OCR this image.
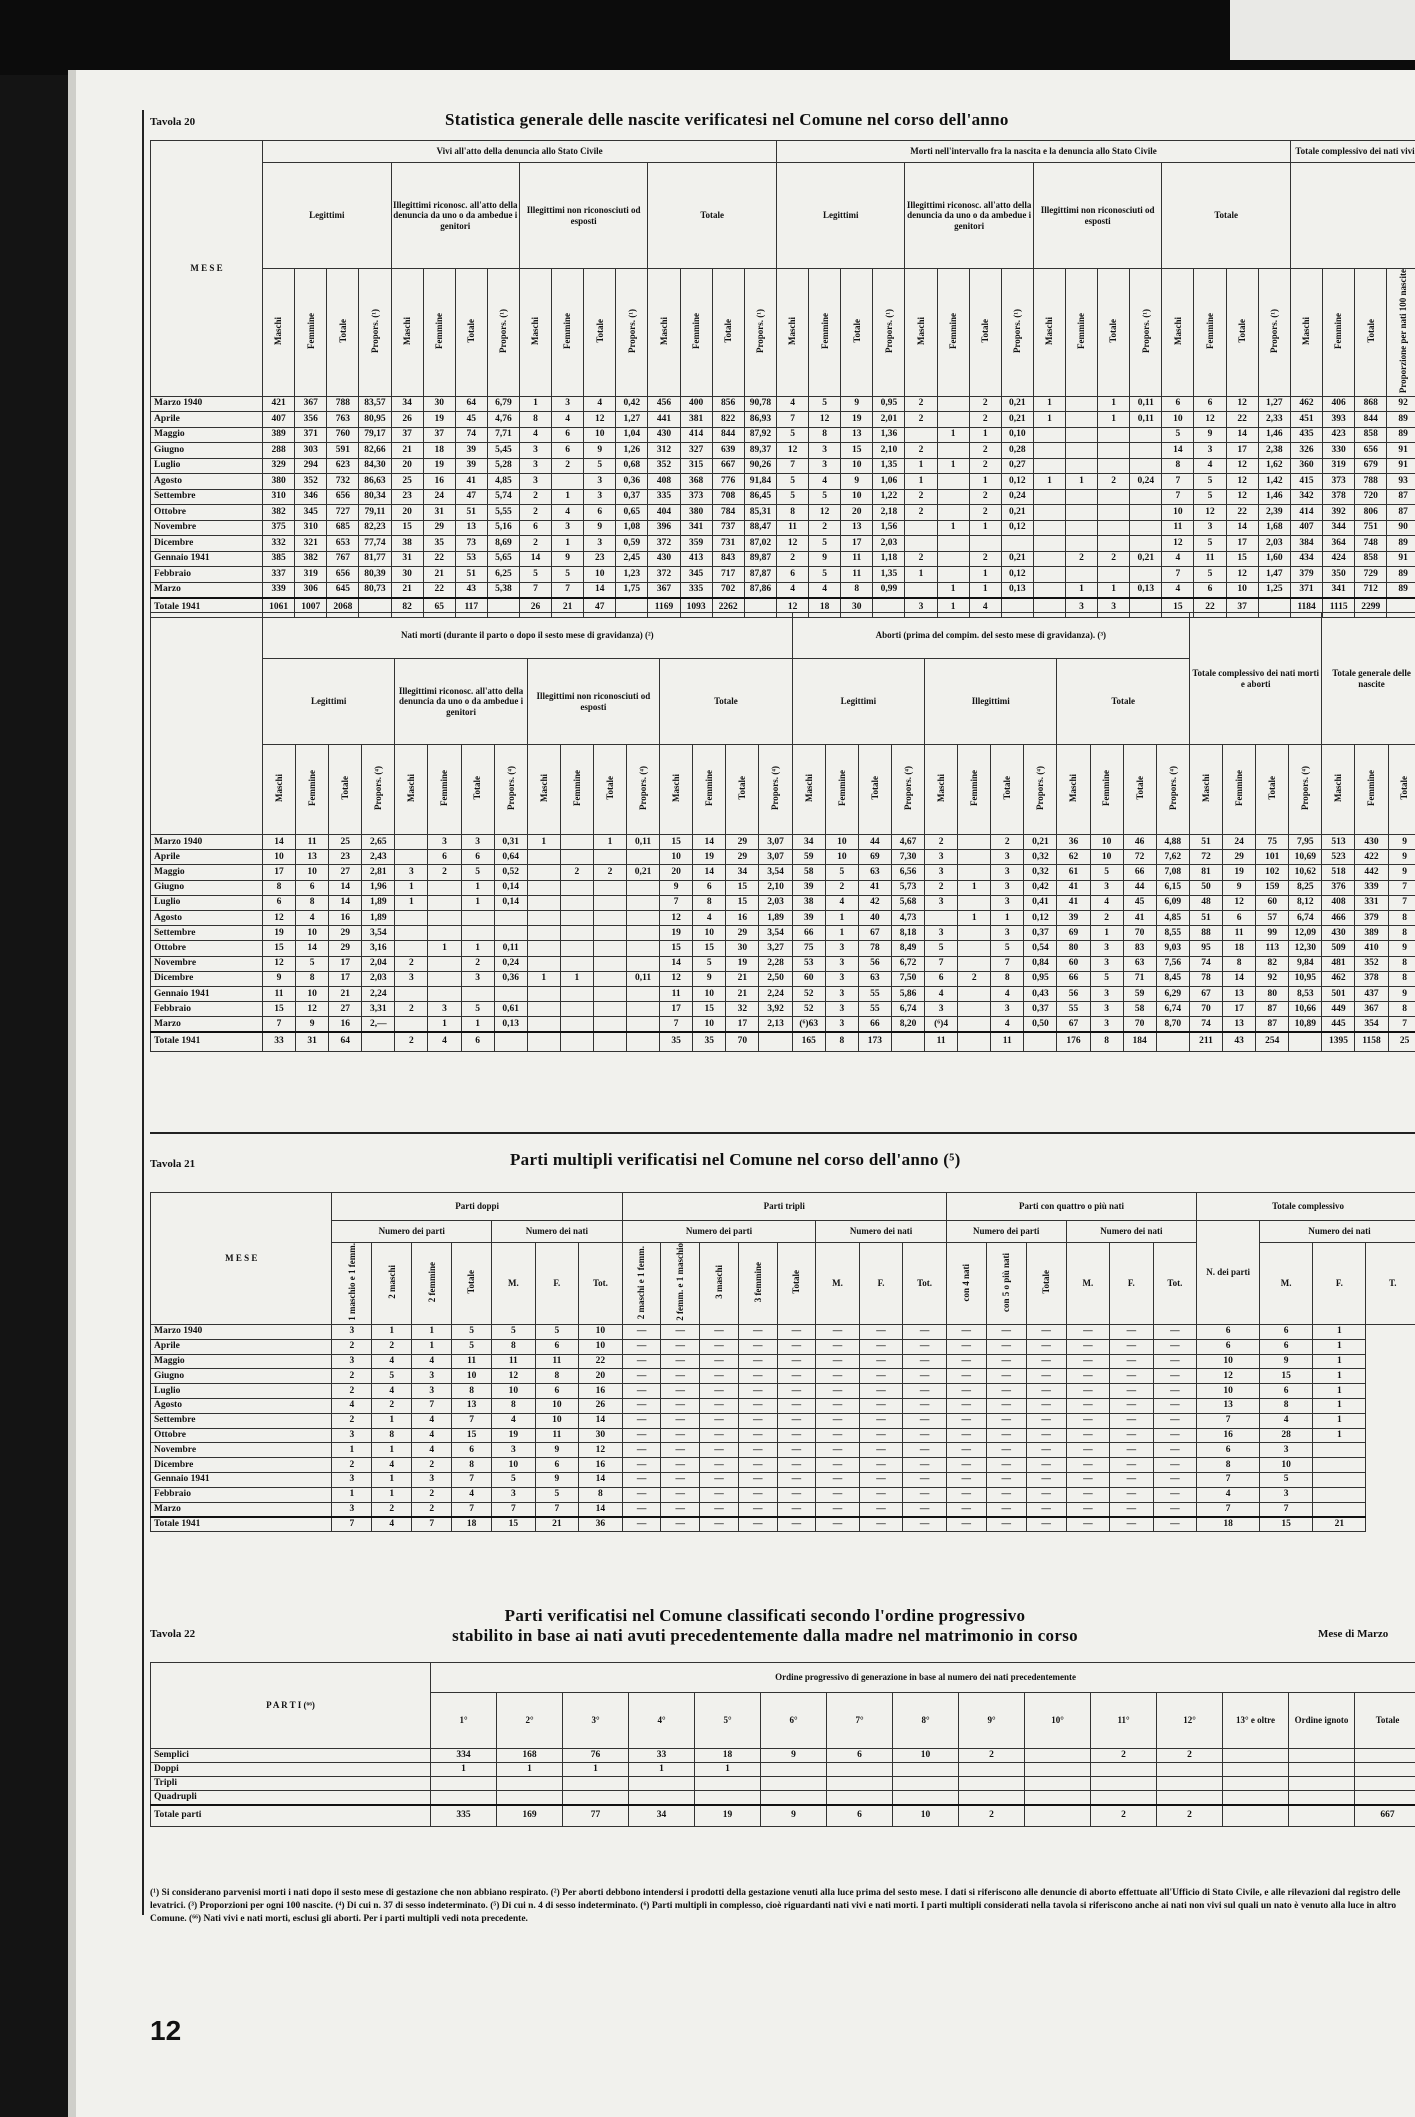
Tavola 20	Statistica generale delle nascite verificatesi nel Comune nel corso dell'anno
M E S E	Vivi all'atto della denuncia allo Stato Civile																Morti nell'intervallo fra la nascita e la denuncia allo Stato Civile																Totale complessivo dei nati vivi			
	Legittimi				Illegittimi riconosc. all'atto della denuncia da uno o da ambedue i genitori				Illegittimi non riconosciuti od esposti				Totale				Legittimi				Illegittimi riconosc. all'atto della denuncia da uno o da ambedue i genitori				Illegittimi non riconosciuti od esposti				Totale							
	Maschi	Femmine	Totale	Propors. (¹)	Maschi	Femmine	Totale	Propors. (¹)	Maschi	Femmine	Totale	Propors. (¹)	Maschi	Femmine	Totale	Propors. (¹)	Maschi	Femmine	Totale	Propors. (¹)	Maschi	Femmine	Totale	Propors. (¹)	Maschi	Femmine	Totale	Propors. (¹)	Maschi	Femmine	Totale	Propors. (¹)	Maschi	Femmine	Totale	Proporzione per nati 100 nascite
Marzo 1940	421	367	788	83,57	34	30	64	6,79	1	3	4	0,42	456	400	856	90,78	4	5	9	0,95	2		2	0,21	1		1	0,11	6	6	12	1,27	462	406	868	92
Aprile	407	356	763	80,95	26	19	45	4,76	8	4	12	1,27	441	381	822	86,93	7	12	19	2,01	2		2	0,21	1		1	0,11	10	12	22	2,33	451	393	844	89
Maggio	389	371	760	79,17	37	37	74	7,71	4	6	10	1,04	430	414	844	87,92	5	8	13	1,36		1	1	0,10					5	9	14	1,46	435	423	858	89
Giugno	288	303	591	82,66	21	18	39	5,45	3	6	9	1,26	312	327	639	89,37	12	3	15	2,10	2		2	0,28					14	3	17	2,38	326	330	656	91
Luglio	329	294	623	84,30	20	19	39	5,28	3	2	5	0,68	352	315	667	90,26	7	3	10	1,35	1	1	2	0,27					8	4	12	1,62	360	319	679	91
Agosto	380	352	732	86,63	25	16	41	4,85	3		3	0,36	408	368	776	91,84	5	4	9	1,06	1		1	0,12	1	1	2	0,24	7	5	12	1,42	415	373	788	93
Settembre	310	346	656	80,34	23	24	47	5,74	2	1	3	0,37	335	373	708	86,45	5	5	10	1,22	2		2	0,24					7	5	12	1,46	342	378	720	87
Ottobre	382	345	727	79,11	20	31	51	5,55	2	4	6	0,65	404	380	784	85,31	8	12	20	2,18	2		2	0,21					10	12	22	2,39	414	392	806	87
Novembre	375	310	685	82,23	15	29	13	5,16	6	3	9	1,08	396	341	737	88,47	11	2	13	1,56		1	1	0,12					11	3	14	1,68	407	344	751	90
Dicembre	332	321	653	77,74	38	35	73	8,69	2	1	3	0,59	372	359	731	87,02	12	5	17	2,03									12	5	17	2,03	384	364	748	89
Gennaio 1941	385	382	767	81,77	31	22	53	5,65	14	9	23	2,45	430	413	843	89,87	2	9	11	1,18	2		2	0,21		2	2	0,21	4	11	15	1,60	434	424	858	91
Febbraio	337	319	656	80,39	30	21	51	6,25	5	5	10	1,23	372	345	717	87,87	6	5	11	1,35	1		1	0,12					7	5	12	1,47	379	350	729	89
Marzo	339	306	645	80,73	21	22	43	5,38	7	7	14	1,75	367	335	702	87,86	4	4	8	0,99		1	1	0,13		1	1	0,13	4	6	10	1,25	371	341	712	89
Totale 1941	1061	1007	2068		82	65	117		26	21	47		1169	1093	2262		12	18	30		3	1	4			3	3		15	22	37		1184	1115	2299	
	Nati morti (durante il parto o dopo il sesto mese di gravidanza) (²)																Aborti (prima del compim. del sesto mese di gravidanza). (³)												Totale complessivo dei nati morti e aborti				Totale generale delle nascite		
	Legittimi				Illegittimi riconosc. all'atto della denuncia da uno o da ambedue i genitori				Illegittimi non riconosciuti od esposti				Totale				Legittimi				Illegittimi				Totale										
	Maschi	Femmine	Totale	Propors. (⁴)	Maschi	Femmine	Totale	Propors. (⁴)	Maschi	Femmine	Totale	Propors. (⁴)	Maschi	Femmine	Totale	Propors. (⁴)	Maschi	Femmine	Totale	Propors. (⁴)	Maschi	Femmine	Totale	Propors. (⁴)	Maschi	Femmine	Totale	Propors. (⁴)	Maschi	Femmine	Totale	Propors. (⁴)	Maschi	Femmine	Totale
Marzo 1940	14	11	25	2,65		3	3	0,31	1		1	0,11	15	14	29	3,07	34	10	44	4,67	2		2	0,21	36	10	46	4,88	51	24	75	7,95	513	430	9
Aprile	10	13	23	2,43		6	6	0,64					10	19	29	3,07	59	10	69	7,30	3		3	0,32	62	10	72	7,62	72	29	101	10,69	523	422	9
Maggio	17	10	27	2,81	3	2	5	0,52		2	2	0,21	20	14	34	3,54	58	5	63	6,56	3		3	0,32	61	5	66	7,08	81	19	102	10,62	518	442	9
Giugno	8	6	14	1,96	1		1	0,14					9	6	15	2,10	39	2	41	5,73	2	1	3	0,42	41	3	44	6,15	50	9	159	8,25	376	339	7
Luglio	6	8	14	1,89	1		1	0,14					7	8	15	2,03	38	4	42	5,68	3		3	0,41	41	4	45	6,09	48	12	60	8,12	408	331	7
Agosto	12	4	16	1,89									12	4	16	1,89	39	1	40	4,73		1	1	0,12	39	2	41	4,85	51	6	57	6,74	466	379	8
Settembre	19	10	29	3,54									19	10	29	3,54	66	1	67	8,18	3		3	0,37	69	1	70	8,55	88	11	99	12,09	430	389	8
Ottobre	15	14	29	3,16		1	1	0,11					15	15	30	3,27	75	3	78	8,49	5		5	0,54	80	3	83	9,03	95	18	113	12,30	509	410	9
Novembre	12	5	17	2,04	2		2	0,24					14	5	19	2,28	53	3	56	6,72	7		7	0,84	60	3	63	7,56	74	8	82	9,84	481	352	8
Dicembre	9	8	17	2,03	3		3	0,36	1	1		0,11	12	9	21	2,50	60	3	63	7,50	6	2	8	0,95	66	5	71	8,45	78	14	92	10,95	462	378	8
Gennaio 1941	11	10	21	2,24									11	10	21	2,24	52	3	55	5,86	4		4	0,43	56	3	59	6,29	67	13	80	8,53	501	437	9
Febbraio	15	12	27	3,31	2	3	5	0,61					17	15	32	3,92	52	3	55	6,74	3		3	0,37	55	3	58	6,74	70	17	87	10,66	449	367	8
Marzo	7	9	16	2,—		1	1	0,13					7	10	17	2,13	(⁶)63	3	66	8,20	(⁶)4		4	0,50	67	3	70	8,70	74	13	87	10,89	445	354	7
Totale 1941	33	31	64		2	4	6						35	35	70		165	8	173		11		11		176	8	184		211	43	254		1395	1158	25
Tavola 21	Parti multipli verificatisi nel Comune nel corso dell'anno (⁵)
M E S E	Parti doppi							Parti tripli								Parti con quattro o più nati						Totale complessivo			
	Numero dei parti				Numero dei nati			Numero dei parti					Numero dei nati			Numero dei parti			Numero dei nati			N. dei parti	Numero dei nati		
	1 maschio e 1 femm.	2 maschi	2 femmine	Totale	M.	F.	Tot.	2 maschi e 1 femm.	2 femm. e 1 maschio	3 maschi	3 femmine	Totale	M.	F.	Tot.	con 4 nati	con 5 o più nati	Totale	M.	F.	Tot.		M.	F.	T.
Marzo 1940	3	1	1	5	5	5	10	—	—	—	—	—	—	—	—	—	—	—	—	—	—	6	6	1	
Aprile	2	2	1	5	8	6	10	—	—	—	—	—	—	—	—	—	—	—	—	—	—	6	6	1	
Maggio	3	4	4	11	11	11	22	—	—	—	—	—	—	—	—	—	—	—	—	—	—	10	9	1	
Giugno	2	5	3	10	12	8	20	—	—	—	—	—	—	—	—	—	—	—	—	—	—	12	15	1	
Luglio	2	4	3	8	10	6	16	—	—	—	—	—	—	—	—	—	—	—	—	—	—	10	6	1	
Agosto	4	2	7	13	8	10	26	—	—	—	—	—	—	—	—	—	—	—	—	—	—	13	8	1	
Settembre	2	1	4	7	4	10	14	—	—	—	—	—	—	—	—	—	—	—	—	—	—	7	4	1	
Ottobre	3	8	4	15	19	11	30	—	—	—	—	—	—	—	—	—	—	—	—	—	—	16	28	1	
Novembre	1	1	4	6	3	9	12	—	—	—	—	—	—	—	—	—	—	—	—	—	—	6	3		
Dicembre	2	4	2	8	10	6	16	—	—	—	—	—	—	—	—	—	—	—	—	—	—	8	10		
Gennaio 1941	3	1	3	7	5	9	14	—	—	—	—	—	—	—	—	—	—	—	—	—	—	7	5		
Febbraio	1	1	2	4	3	5	8	—	—	—	—	—	—	—	—	—	—	—	—	—	—	4	3		
Marzo	3	2	2	7	7	7	14	—	—	—	—	—	—	—	—	—	—	—	—	—	—	7	7		
Totale 1941	7	4	7	18	15	21	36	—	—	—	—	—	—	—	—	—	—	—	—	—	—	18	15	21	
Tavola 22
Parti verificatisi nel Comune classificati secondo l'ordine progressivo
stabilito in base ai nati avuti precedentemente dalla madre nel matrimonio in corso	Mese di Marzo
P A R T I (⁶⁶)	Ordine progressivo di generazione in base al numero dei nati precedentemente														
	1°	2°	3°	4°	5°	6°	7°	8°	9°	10°	11°	12°	13° e oltre	Ordine ignoto	Totale
Semplici	334	168	76	33	18	9	6	10	2		2	2			
Doppi	1	1	1	1	1										
Tripli															
Quadrupli															
Totale parti	335	169	77	34	19	9	6	10	2		2	2			667
(¹) Si considerano parvenisi morti i nati dopo il sesto mese di gestazione che non abbiano respirato. (²) Per aborti debbono intendersi i prodotti della gestazione venuti alla luce prima del sesto mese. I dati si riferiscono alle denuncie di aborto effettuate all'Ufficio di Stato Civile, e alle rilevazioni dal registro delle levatrici. (³) Proporzioni per ogni 100 nascite. (⁴) Di cui n. 37 di sesso indeterminato. (⁵) Di cui n. 4 di sesso indeterminato. (⁶) Parti multipli in complesso, cioè riguardanti nati vivi e nati morti. I parti multipli considerati nella tavola si riferiscono anche ai nati non vivi sul quali un nato è venuto alla luce in altro Comune. (⁶⁶) Nati vivi e nati morti, esclusi gli aborti. Per i parti multipli vedi nota precedente.
12
